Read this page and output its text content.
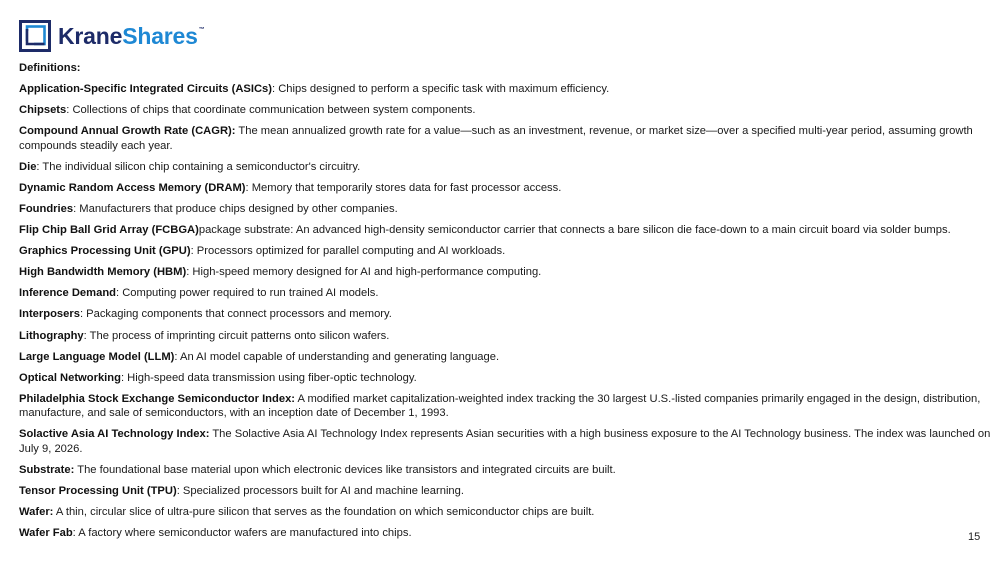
KraneShares™
Definitions:
Application-Specific Integrated Circuits (ASICs): Chips designed to perform a specific task with maximum efficiency.
Chipsets: Collections of chips that coordinate communication between system components.
Compound Annual Growth Rate (CAGR): The mean annualized growth rate for a value—such as an investment, revenue, or market size—over a specified multi-year period, assuming growth compounds steadily each year.
Die: The individual silicon chip containing a semiconductor's circuitry.
Dynamic Random Access Memory (DRAM): Memory that temporarily stores data for fast processor access.
Foundries: Manufacturers that produce chips designed by other companies.
Flip Chip Ball Grid Array (FCBGA)package substrate: An advanced high-density semiconductor carrier that connects a bare silicon die face-down to a main circuit board via solder bumps.
Graphics Processing Unit (GPU): Processors optimized for parallel computing and AI workloads.
High Bandwidth Memory (HBM): High-speed memory designed for AI and high-performance computing.
Inference Demand: Computing power required to run trained AI models.
Interposers: Packaging components that connect processors and memory.
Lithography: The process of imprinting circuit patterns onto silicon wafers.
Large Language Model (LLM): An AI model capable of understanding and generating language.
Optical Networking: High-speed data transmission using fiber-optic technology.
Philadelphia Stock Exchange Semiconductor Index: A modified market capitalization-weighted index tracking the 30 largest U.S.-listed companies primarily engaged in the design, distribution, manufacture, and sale of semiconductors, with an inception date of December 1, 1993.
Solactive Asia AI Technology Index: The Solactive Asia AI Technology Index represents Asian securities with a high business exposure to the AI Technology business. The index was launched on July 9, 2026.
Substrate: The foundational base material upon which electronic devices like transistors and integrated circuits are built.
Tensor Processing Unit (TPU): Specialized processors built for AI and machine learning.
Wafer: A thin, circular slice of ultra-pure silicon that serves as the foundation on which semiconductor chips are built.
Wafer Fab: A factory where semiconductor wafers are manufactured into chips.	15
